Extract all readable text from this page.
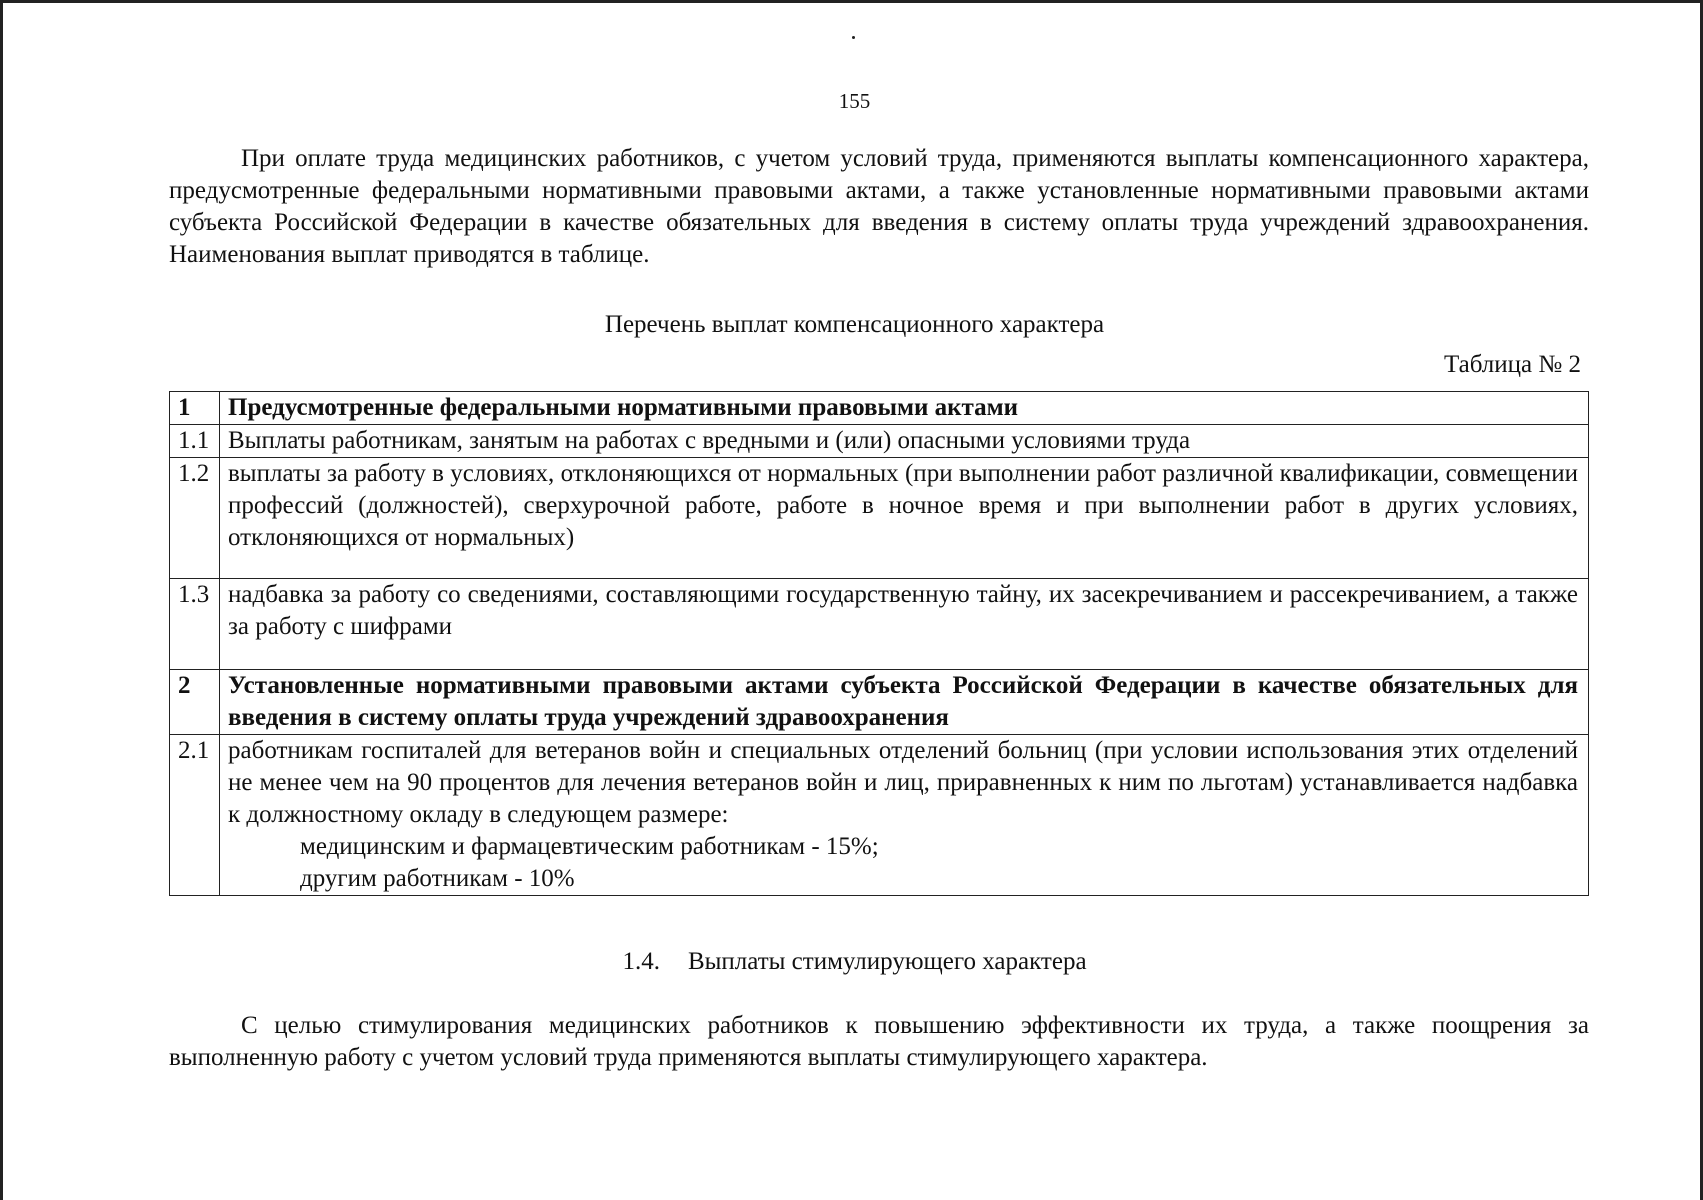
155

При оплате труда медицинских работников, с учетом условий труда, применяются выплаты компенсационного характера, предусмотренные федеральными нормативными правовыми актами, а также установленные нормативными правовыми актами субъекта Российской Федерации в качестве обязательных для введения в систему оплаты труда учреждений здравоохранения. Наименования выплат приводятся в таблице.

Перечень выплат компенсационного характера
Таблица № 2
1	Предусмотренные федеральными нормативными правовыми актами
1.1	Выплаты работникам, занятым на работах с вредными и (или) опасными условиями труда
1.2	выплаты за работу в условиях, отклоняющихся от нормальных (при выполнении работ различной квалификации, совмещении профессий (должностей), сверхурочной работе, работе в ночное время и при выполнении работ в других условиях, отклоняющихся от нормальных)
1.3	надбавка за работу со сведениями, составляющими государственную тайну, их засекречиванием и рассекречиванием, а также за работу с шифрами
2	Установленные нормативными правовыми актами субъекта Российской Федерации в качестве обязательных для введения в систему оплаты труда учреждений здравоохранения
2.1	работникам госпиталей для ветеранов войн и специальных отделений больниц (при условии использования этих отделений не менее чем на 90 процентов для лечения ветеранов войн и лиц, приравненных к ним по льготам) устанавливается надбавка к должностному окладу в следующем размере:
медицинским и фармацевтическим работникам - 15%;
другим работникам - 10%
1.4. Выплаты стимулирующего характера

С целью стимулирования медицинских работников к повышению эффективности их труда, а также поощрения за выполненную работу с учетом условий труда применяются выплаты стимулирующего характера.
